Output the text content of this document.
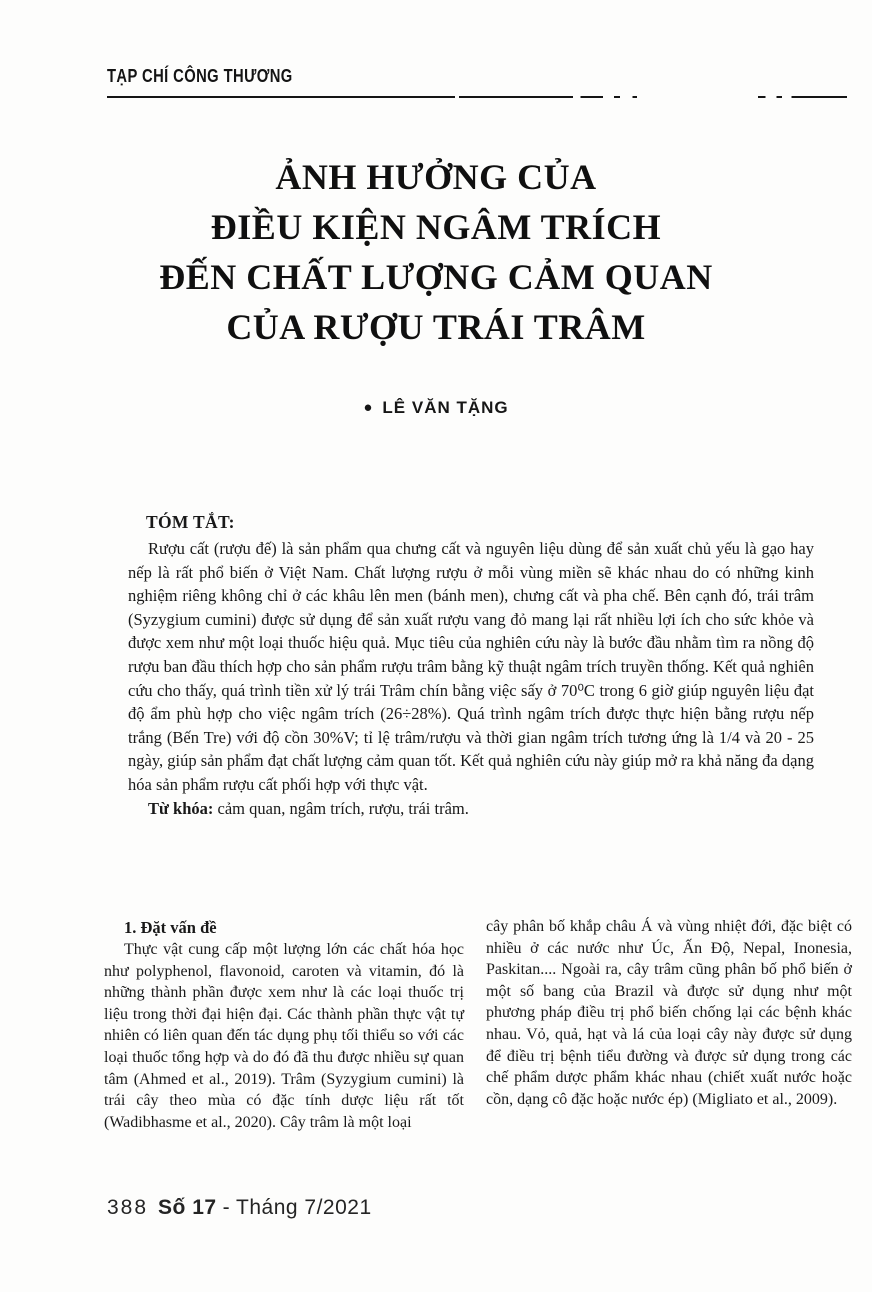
TẠP CHÍ CÔNG THƯƠNG
ẢNH HƯỞNG CỦA
ĐIỀU KIỆN NGÂM TRÍCH
ĐẾN CHẤT LƯỢNG CẢM QUAN
CỦA RƯỢU TRÁI TRÂM
● LÊ VĂN TẶNG
TÓM TẮT:

Rượu cất (rượu đế) là sản phẩm qua chưng cất và nguyên liệu dùng để sản xuất chủ yếu là gạo hay nếp là rất phổ biến ở Việt Nam. Chất lượng rượu ở mỗi vùng miền sẽ khác nhau do có những kinh nghiệm riêng không chỉ ở các khâu lên men (bánh men), chưng cất và pha chế. Bên cạnh đó, trái trâm (Syzygium cumini) được sử dụng để sản xuất rượu vang đỏ mang lại rất nhiều lợi ích cho sức khỏe và được xem như một loại thuốc hiệu quả. Mục tiêu của nghiên cứu này là bước đầu nhằm tìm ra nồng độ rượu ban đầu thích hợp cho sản phẩm rượu trâm bằng kỹ thuật ngâm trích truyền thống. Kết quả nghiên cứu cho thấy, quá trình tiền xử lý trái Trâm chín bằng việc sấy ở 70⁰C trong 6 giờ giúp nguyên liệu đạt độ ẩm phù hợp cho việc ngâm trích (26÷28%). Quá trình ngâm trích được thực hiện bằng rượu nếp trắng (Bến Tre) với độ cồn 30%V; tỉ lệ trâm/rượu và thời gian ngâm trích tương ứng là 1/4 và 20 - 25 ngày, giúp sản phẩm đạt chất lượng cảm quan tốt. Kết quả nghiên cứu này giúp mở ra khả năng đa dạng hóa sản phẩm rượu cất phối hợp với thực vật.

Từ khóa: cảm quan, ngâm trích, rượu, trái trâm.

1. Đặt vấn đề

Thực vật cung cấp một lượng lớn các chất hóa học như polyphenol, flavonoid, caroten và vitamin, đó là những thành phần được xem như là các loại thuốc trị liệu trong thời đại hiện đại. Các thành phần thực vật tự nhiên có liên quan đến tác dụng phụ tối thiểu so với các loại thuốc tổng hợp và do đó đã thu được nhiều sự quan tâm (Ahmed et al., 2019). Trâm (Syzygium cumini) là trái cây theo mùa có đặc tính dược liệu rất tốt (Wadibhasme et al., 2020). Cây trâm là một loại

cây phân bố khắp châu Á và vùng nhiệt đới, đặc biệt có nhiều ở các nước như Úc, Ấn Độ, Nepal, Inonesia, Paskitan.... Ngoài ra, cây trâm cũng phân bố phổ biến ở một số bang của Brazil và được sử dụng như một phương pháp điều trị phổ biến chống lại các bệnh khác nhau. Vỏ, quả, hạt và lá của loại cây này được sử dụng để điều trị bệnh tiểu đường và được sử dụng trong các chế phẩm dược phẩm khác nhau (chiết xuất nước hoặc cồn, dạng cô đặc hoặc nước ép) (Migliato et al., 2009).

388 Số 17 - Tháng 7/2021
